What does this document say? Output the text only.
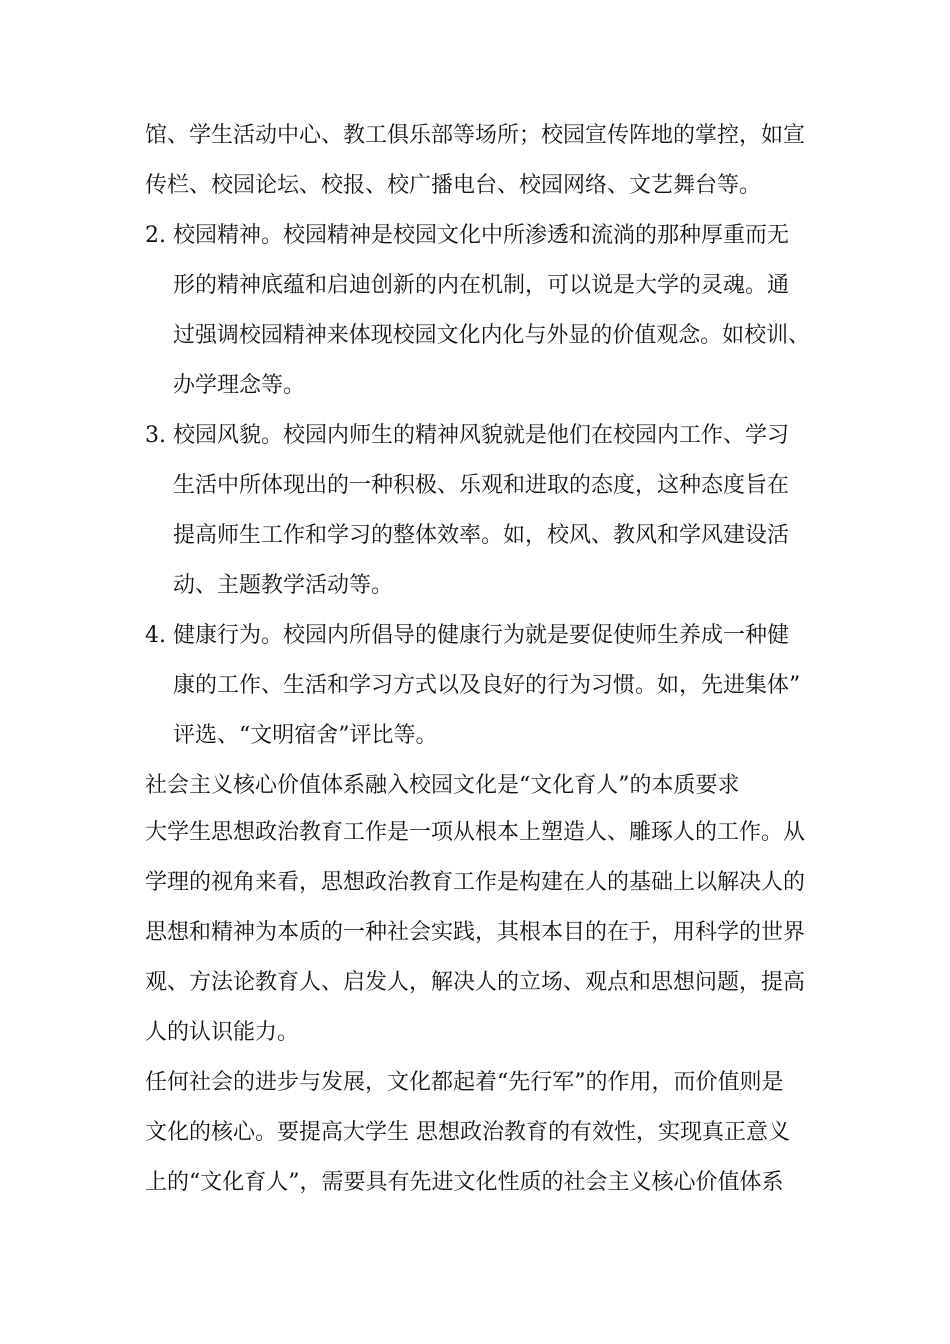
馆、学生活动中心、教工俱乐部等场所；校园宣传阵地的掌控，如宣
传栏、校园论坛、校报、校广播电台、校园网络、文艺舞台等。
2. 校园精神。校园精神是校园文化中所渗透和流淌的那种厚重而无
形的精神底蕴和启迪创新的内在机制，可以说是大学的灵魂。通
过强调校园精神来体现校园文化内化与外显的价值观念。如校训、
办学理念等。
3. 校园风貌。校园内师生的精神风貌就是他们在校园内工作、学习
生活中所体现出的一种积极、乐观和进取的态度，这种态度旨在
提高师生工作和学习的整体效率。如，校风、教风和学风建设活
动、主题教学活动等。
4. 健康行为。校园内所倡导的健康行为就是要促使师生养成一种健
康的工作、生活和学习方式以及良好的行为习惯。如，先进集体”
评选、“文明宿舍”评比等。
社会主义核心价值体系融入校园文化是“文化育人”的本质要求
大学生思想政治教育工作是一项从根本上塑造人、雕琢人的工作。从
学理的视角来看，思想政治教育工作是构建在人的基础上以解决人的
思想和精神为本质的一种社会实践，其根本目的在于，用科学的世界
观、方法论教育人、启发人，解决人的立场、观点和思想问题，提高
人的认识能力。
任何社会的进步与发展，文化都起着“先行军”的作用，而价值则是
文化的核心。要提高大学生 思想政治教育的有效性，实现真正意义
上的“文化育人”，需要具有先进文化性质的社会主义核心价值体系
